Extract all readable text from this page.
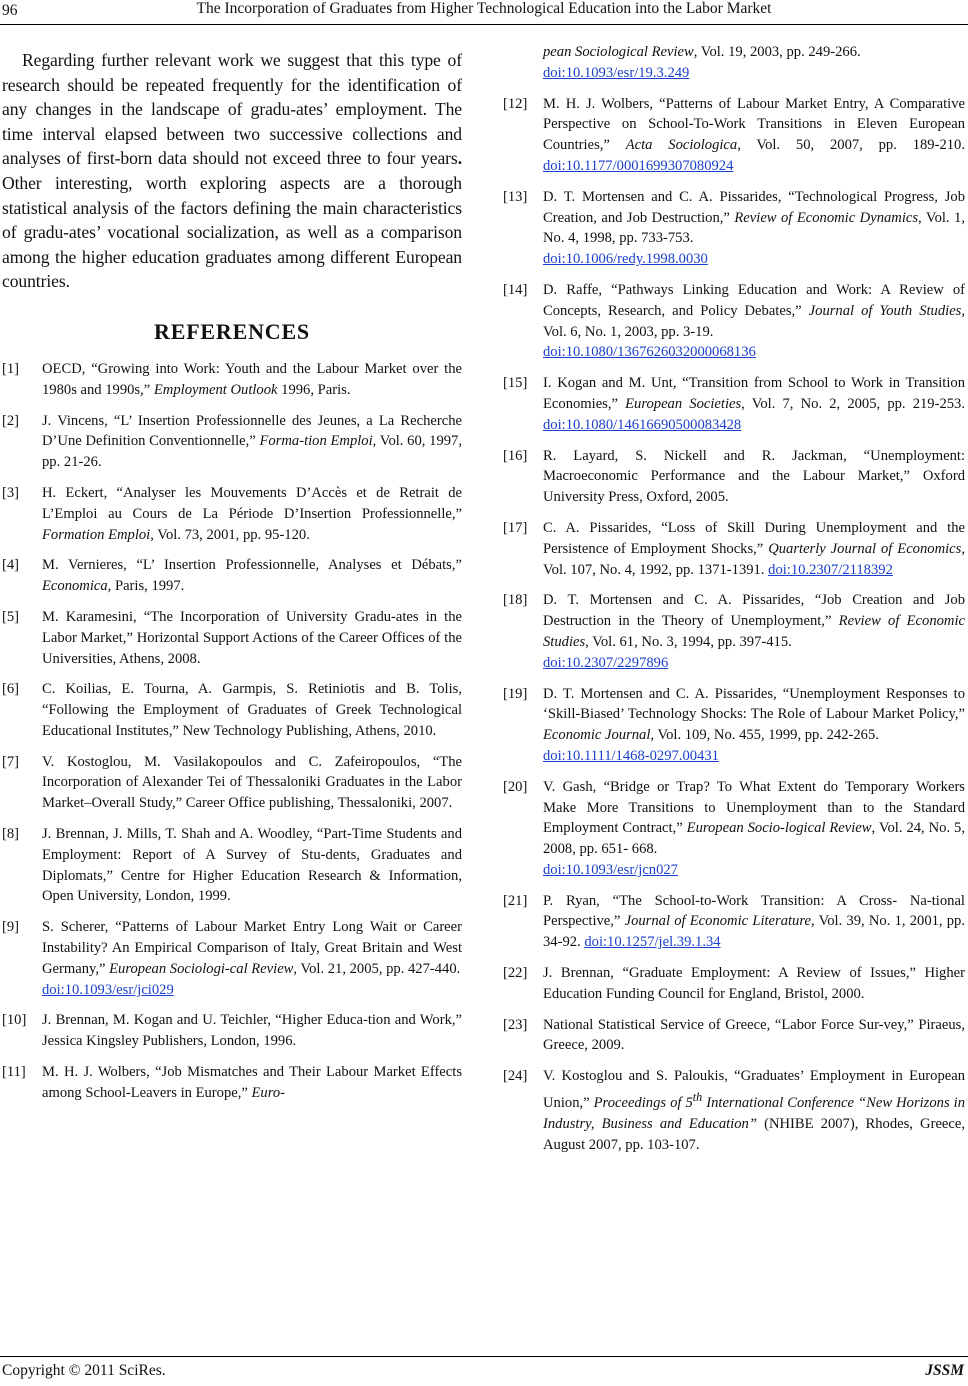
96	The Incorporation of Graduates from Higher Technological Education into the Labor Market

Regarding further relevant work we suggest that this type of research should be repeated frequently for the identification of any changes in the landscape of gradu-ates’ employment. The time interval elapsed between two successive collections and analyses of first-born data should not exceed three to four years. Other interesting, worth exploring aspects are a thorough statistical analysis of the factors defining the main characteristics of gradu-ates’ vocational socialization, as well as a comparison among the higher education graduates among different European countries.

REFERENCES
[1] OECD, “Growing into Work: Youth and the Labour Market over the 1980s and 1990s,” Employment Outlook 1996, Paris.
[2] J. Vincens, “L’ Insertion Professionnelle des Jeunes, a La Recherche D’Une Definition Conventionnelle,” Forma-tion Emploi, Vol. 60, 1997, pp. 21-26.
[3] H. Eckert, “Analyser les Mouvements D’Accès et de Retrait de L’Emploi au Cours de La Période D’Insertion Professionnelle,” Formation Emploi, Vol. 73, 2001, pp. 95-120.
[4] M. Vernieres, “L’ Insertion Professionnelle, Analyses et Débats,” Economica, Paris, 1997.
[5] M. Karamesini, “The Incorporation of University Gradu-ates in the Labor Market,” Horizontal Support Actions of the Career Offices of the Universities, Athens, 2008.
[6] C. Koilias, E. Tourna, A. Garmpis, S. Retiniotis and B. Tolis, “Following the Employment of Graduates of Greek Technological Educational Institutes,” New Technology Publishing, Athens, 2010.
[7] V. Kostoglou, M. Vasilakopoulos and C. Zafeiropoulos, “The Incorporation of Alexander Tei of Thessaloniki Graduates in the Labor Market–Overall Study,” Career Office publishing, Thessaloniki, 2007.
[8] J. Brennan, J. Mills, T. Shah and A. Woodley, “Part-Time Students and Employment: Report of A Survey of Stu-dents, Graduates and Diplomats,” Centre for Higher Education Research & Information, Open University, London, 1999.
[9] S. Scherer, “Patterns of Labour Market Entry Long Wait or Career Instability? An Empirical Comparison of Italy, Great Britain and West Germany,” European Sociologi-cal Review, Vol. 21, 2005, pp. 427-440.
doi:10.1093/esr/jci029
[10] J. Brennan, M. Kogan and U. Teichler, “Higher Educa-tion and Work,” Jessica Kingsley Publishers, London, 1996.
[11] M. H. J. Wolbers, “Job Mismatches and Their Labour Market Effects among School-Leavers in Europe,” Euro-
pean Sociological Review, Vol. 19, 2003, pp. 249-266.
doi:10.1093/esr/19.3.249
[12] M. H. J. Wolbers, “Patterns of Labour Market Entry, A Comparative Perspective on School-To-Work Transitions in Eleven European Countries,” Acta Sociologica, Vol. 50, 2007, pp. 189-210. doi:10.1177/0001699307080924
[13] D. T. Mortensen and C. A. Pissarides, “Technological Progress, Job Creation, and Job Destruction,” Review of Economic Dynamics, Vol. 1, No. 4, 1998, pp. 733-753.
doi:10.1006/redy.1998.0030
[14] D. Raffe, “Pathways Linking Education and Work: A Review of Concepts, Research, and Policy Debates,” Journal of Youth Studies, Vol. 6, No. 1, 2003, pp. 3-19.
doi:10.1080/1367626032000068136
[15] I. Kogan and M. Unt, “Transition from School to Work in Transition Economies,” European Societies, Vol. 7, No. 2, 2005, pp. 219-253. doi:10.1080/14616690500083428
[16] R. Layard, S. Nickell and R. Jackman, “Unemployment: Macroeconomic Performance and the Labour Market,” Oxford University Press, Oxford, 2005.
[17] C. A. Pissarides, “Loss of Skill During Unemployment and the Persistence of Employment Shocks,” Quarterly Journal of Economics, Vol. 107, No. 4, 1992, pp. 1371-1391. doi:10.2307/2118392
[18] D. T. Mortensen and C. A. Pissarides, “Job Creation and Job Destruction in the Theory of Unemployment,” Review of Economic Studies, Vol. 61, No. 3, 1994, pp. 397-415.
doi:10.2307/2297896
[19] D. T. Mortensen and C. A. Pissarides, “Unemployment Responses to ‘Skill-Biased’ Technology Shocks: The Role of Labour Market Policy,” Economic Journal, Vol. 109, No. 455, 1999, pp. 242-265.
doi:10.1111/1468-0297.00431
[20] V. Gash, “Bridge or Trap? To What Extent do Temporary Workers Make More Transitions to Unemployment than to the Standard Employment Contract,” European Socio-logical Review, Vol. 24, No. 5, 2008, pp. 651- 668.
doi:10.1093/esr/jcn027
[21] P. Ryan, “The School-to-Work Transition: A Cross- Na-tional Perspective,” Journal of Economic Literature, Vol. 39, No. 1, 2001, pp. 34-92. doi:10.1257/jel.39.1.34
[22] J. Brennan, “Graduate Employment: A Review of Issues,” Higher Education Funding Council for England, Bristol, 2000.
[23] National Statistical Service of Greece, “Labor Force Sur-vey,” Piraeus, Greece, 2009.
[24] V. Kostoglou and S. Paloukis, “Graduates’ Employment in European Union,” Proceedings of 5th International Conference “New Horizons in Industry, Business and Education” (NHIBE 2007), Rhodes, Greece, August 2007, pp. 103-107.
Copyright © 2011 SciRes.	JSSM
